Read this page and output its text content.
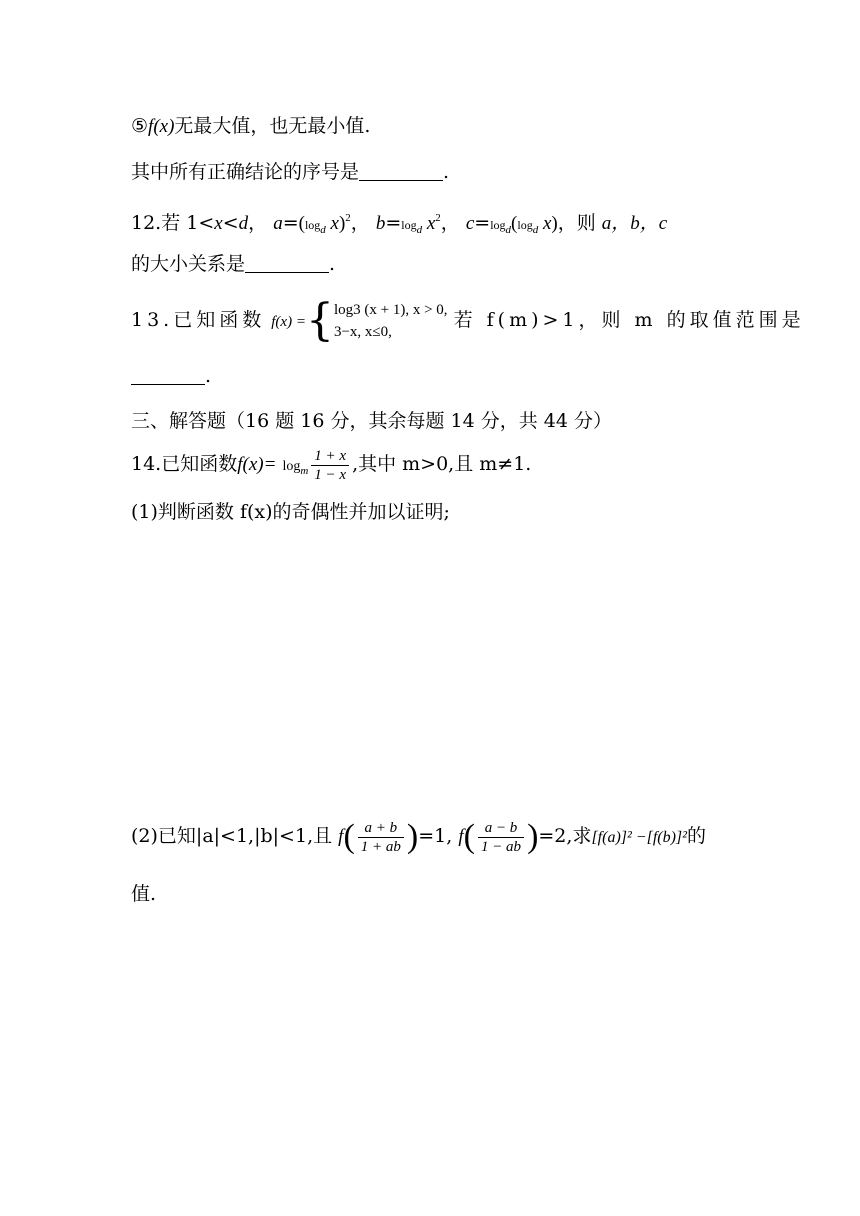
⑤f(x)无最大值，也无最小值.
其中所有正确结论的序号是	.
12.若 1<x<d， $a=(\log_d$ x)$^2$， $b=\log_d$ $x^2$， $c=\log_d(\log_d$ x)，则 a，b，c
的大小关系是	.
13.已知函数 f(x) ={ log3 (x + 1), x > 0,
3−x, x≤0,
若 f(m)>1，则 m 的取值范围是
.
三、解答题（16 题 16 分，其余每题 14 分，共 44 分）
14.已知函数$f(x)= \log_m \frac{1 + x}{1 - x}$ ,其中 m>0,且 m≠1.
(1)判断函数 f(x)的奇偶性并加以证明;
(2)已知|a|<1,|b|<1,且 $f( \frac{a + b}{1 + ab} )=1$, $f( \frac{a - b}{1 - ab} )=2$,求[f(a)]² −[f(b)]²的
值.
